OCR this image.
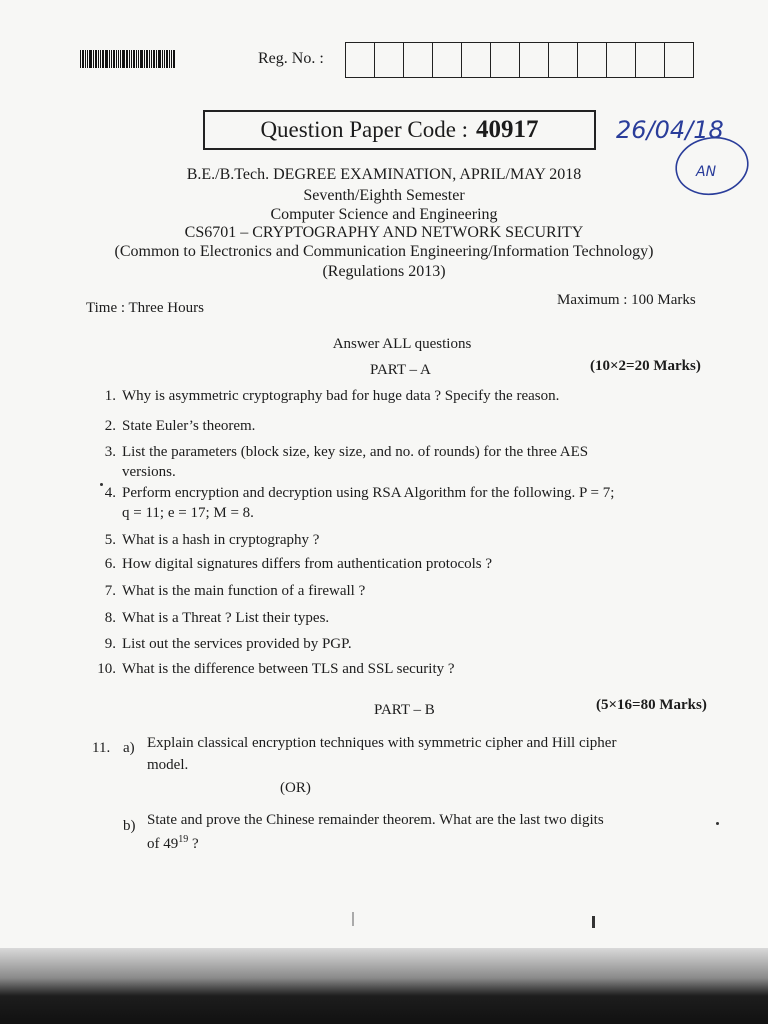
Reg. No. :
Question Paper Code : 40917	26/04/18
AN
B.E./B.Tech. DEGREE EXAMINATION, APRIL/MAY 2018
Seventh/Eighth Semester
Computer Science and Engineering
CS6701 – CRYPTOGRAPHY AND NETWORK SECURITY
(Common to Electronics and Communication Engineering/Information Technology)
(Regulations 2013)
Time : Three Hours	Maximum : 100 Marks
Answer ALL questions
PART – A	(10×2=20 Marks)
1. Why is asymmetric cryptography bad for huge data ? Specify the reason.
2. State Euler’s theorem.
3. List the parameters (block size, key size, and no. of rounds) for the three AES
versions.
4. Perform encryption and decryption using RSA Algorithm for the following. P = 7;
q = 11; e = 17; M = 8.
5. What is a hash in cryptography ?
6. How digital signatures differs from authentication protocols ?
7. What is the main function of a firewall ?
8. What is a Threat ? List their types.
9. List out the services provided by PGP.
10. What is the difference between TLS and SSL security ?
PART – B	(5×16=80 Marks)
11. a) Explain classical encryption techniques with symmetric cipher and Hill cipher
model.
(OR)
b) State and prove the Chinese remainder theorem. What are the last two digits
of $49^{19}$ ?
